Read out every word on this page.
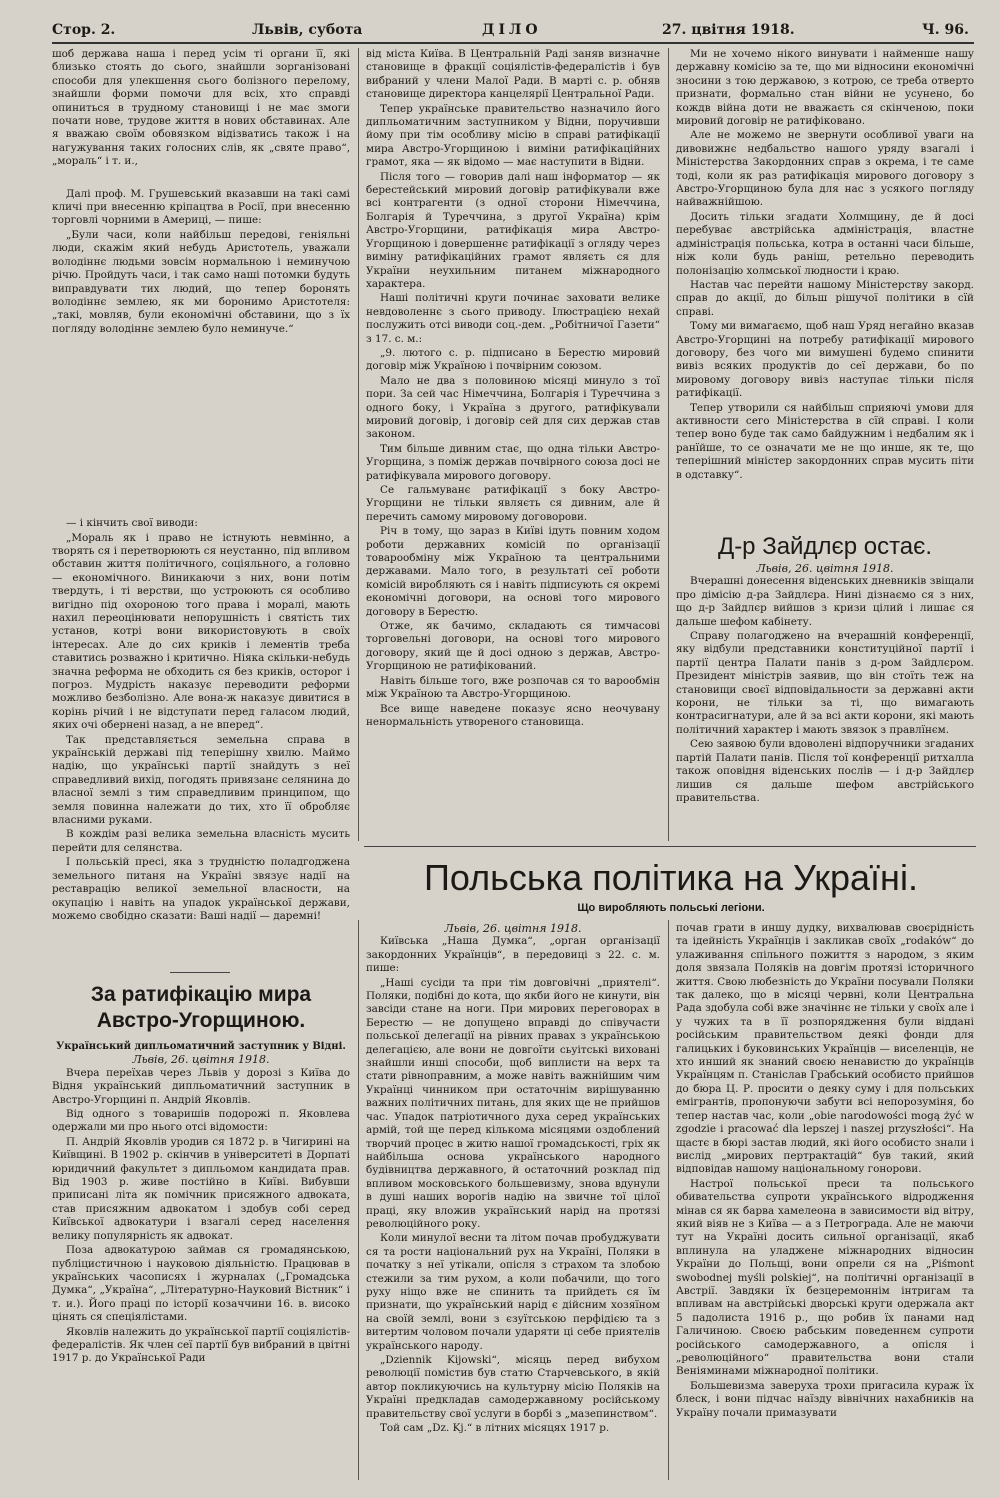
Стор. 2.	Львів, субота	ДІЛО	27. цвітня 1918.	Ч. 96.

шоб держава наша і перед усім ті органи її, які близько стоять до сього, знайшли зорганізовані способи для улекшення сього болізного перелому, знайшли форми помочи для всіх, хто справді опиниться в трудному становищі і не має змоги почати нове, трудове життя в нових обставинах. Але я вважаю своїм обовязком відізватись також і на нагужування таких голосних слів, як „святе право“, „мораль“ і т. и.,

Далі проф. М. Грушевський вказавши на такі самі кличі при внесенню кріпацтва в Росії, при внесенню торговлі чорними в Америці, — пише:

„Були часи, коли найбільш передові, геніяльні люди, скажім який небудь Аристотель, уважали володіннє людьми зовсім нормальною і неминучою річю. Пройдуть часи, і так само наші потомки будуть виправдувати тих людий, що тепер боронять володіннє землею, як ми боронимо Аристотеля: „такі, мовляв, були економічні обставини, що з їх погляду володіннє землею було неминуче.“

— і кінчить свої виводи:

„Мораль як і право не істнують невмінно, а творять ся і перетворюють ся неустанно, під впливом обставин життя політичного, соціяльного, а головно — економічного. Виникаючи з них, вони потім твердуть, і ті верстви, що устроюють ся особливо вигідно під охороною того права і моралі, мають нахил переоцінювати непорушність і святість тих установ, котрі вони використовують в своїх інтересах. Але до сих криків і лементів треба ставитись розважно і критично. Ніяка скільки-небудь значна реформа не обходить ся без криків, осторог і погроз. Мудрість наказує переводити реформи можливо безболізно. Але вона-ж наказує дивитися в корінь річий і не відступати перед галасом людий, яких очі обернені назад, а не вперед“.

Так представляється земельна справа в українській державі під теперішну хвилю. Маймо надію, що українські партії знайдуть з неї справедливий вихід, погодять привязанє селянина до власної землі з тим справедливим принципом, що земля повинна належати до тих, хто її обробляє власними руками.

В кождім разі велика земельна власність мусить перейти для селянства.

І польській пресі, яка з трудністю поладгоджена земельного питаня на Україні звязує надії на реставрацію великої земельної власности, на окупацію і навіть на упадок української держави, можемо свобідно сказати: Ваші надії — даремні!

За ратифікацію мира Австро-Угорщиною.
Український дипльоматичний заступник у Відні.
Львів, 26. цвітня 1918.

Вчера переїхав через Львів у дорозі з Київа до Відня український дипльоматичний заступник в Австро-Угорщині п. Андрій Яковлів.

Від одного з товаришів подорожі п. Яковлева одержали ми про нього отсі відомости:

П. Андрій Яковлів уродив ся 1872 р. в Чигирині на Київщині. В 1902 р. скінчив в університеті в Дорпаті юридичний факультет з дипльомом кандидата прав. Від 1903 р. живе постійно в Київі. Вибувши приписані літа як помічник присяжного адвоката, став присяжним адвокатом і здобув собі серед Київської адвокатури і взагалі серед населення велику популярність як адвокат.

Поза адвокатурою займав ся громадянською, публіцистичною і науковою діяльністю. Працював в українських часописях і журналах („Громадська Думка“, „Україна“, „Літературно-Науковий Вістник“ і т. и.). Його праці по історії козаччини 16. в. високо цінять ся спеціялістами.

Яковлів належить до української партії соціялістів-федералістів. Як член сеї партії був вибраний в цвітні 1917 р. до Української Ради

від міста Київа. В Центральній Раді заняв визначне становище в фракції соціялістів-федералістів і був вибраний у члени Малої Ради. В марті с. р. обняв становище директора канцелярії Центральної Ради.

Тепер українське правительство назначило його дипльоматичним заступником у Відни, поручивши йому при тім особливу місію в справі ратифікації мира Австро-Угорщиною і виміни ратифікаційних грамот, яка — як відомо — має наступити в Відни.

Після того — говорив далі наш інформатор — як берестейський мировий договір ратифікували вже всі контрагенти (з одної сторони Німеччина, Болгарія й Туреччина, з другої Україна) крім Австро-Угорщини, ратифікація мира Австро-Угорщиною і довершеннє ратифікації з огляду через виміну ратифікаційних грамот являєть ся для України неухильним питанем міжнародного характера.

Наші політичні круги починає заховати велике невдоволеннє з сього приводу. Ілюстрацією нехай послужить отсі виводи соц.-дем. „Робітничої Газети“ з 17. с. м.:

„9. лютого с. р. підписано в Берестю мировий договір між Україною і почвірним союзом.

Мало не два з половиною місяці минуло з тої пори. За сей час Німеччина, Болгарія і Туреччина з одного боку, і Україна з другого, ратифікували мировий договір, і договір сей для сих держав став законом.

Тим більше дивним стає, що одна тільки Австро-Угорщина, з поміж держав почвірного союза досі не ратифікувала мирового договору.

Се гальмуванє ратифікації з боку Австро-Угорщини не тільки являєть ся дивним, але й перечить самому мировому договорови.

Річ в тому, що зараз в Київі ідуть повним ходом роботи державних комісій по організації товарообміну між Україною та центральними державами. Мало того, в результаті сеї роботи комісій виробляють ся і навіть підписують ся окремі економічні договори, на основі того мирового договору в Берестю.

Отже, як бачимо, складають ся тимчасові торговельні договори, на основі того мирового договору, який ще й досі одною з держав, Австро-Угорщиною не ратифікований.

Навіть більше того, вже розпочав ся то варообмін між Україною та Австро-Угорщиною.

Все вище наведене показує ясно неочувану ненормальність утвореного становища.

Ми не хочемо нікого винувати і найменше нашу державну комісію за те, що ми відносини економічні зносини з тою державою, з котрою, се треба отверто признати, формально стан війни не усунено, бо кождв війна доти не вважаєть ся скінченою, поки мировий договір не ратифіковано.

Але не можемо не звернути особливої уваги на дивовижнє недбальство нашого уряду взагалі і Міністерства Закордонних справ з окрема, і те саме тоді, коли як раз ратифікація мирового договору з Австро-Угорщиною була для нас з усякого погляду найважнійшою.

Досить тільки згадати Холмщину, де й досі перебуває австрійська адміністрація, властне адміністрація польська, котра в останні часи більше, ніж коли будь раніш, ретельно переводить полонізацію холмської людности і краю.

Настав час перейти нашому Міністерству закорд. справ до акції, до більш рішучої політики в сїй справі.

Тому ми вимагаємо, щоб наш Уряд негайно вказав Австро-Угорщині на потребу ратифікації мирового договору, без чого ми вимушені будемо спинити вивіз всяких продуктів до сеї держави, бо по мировому договору вивіз наступає тільки після ратифікації.

Тепер утворили ся найбільш сприяючі умови для активности сего Міністерства в сїй справі. І коли тепер воно буде так само байдужним і недбалим як і ранїйше, то се означати ме не що инше, як те, що теперішний міністер закордонних справ мусить піти в одставку“.

Д-р Зайдлєр остає.
Львів, 26. цвітня 1918.

Вчерашні донесення віденських дневників звіщали про дімісію д-ра Зайдлєра. Нині дізнаємо ся з них, що д-р Зайдлєр вийшов з кризи цілий і лишає ся дальше шефом кабінету.

Справу полагоджено на вчерашній конференції, яку відбули представники конституційної партії і партії центра Палати панів з д-ром Зайдлєром. Президент міністрів заявив, що він стоїть теж на становищи своєї відповідальности за державні акти корони, не тільки за ті, що вимагають контрасигнатури, але й за всі акти корони, які мають політичний характер і мають звязок з правлїнєм.

Сею заявою були вдоволені відпоручники згаданих партій Палати панів. Після тої конференції ритхалла також оповідня віденських послів — і д-р Зайдлєр лишив ся дальше шефом австрійського правительства.

Польська політика на Україні.
Що виробляють польські легіони.
Львів, 26. цвітня 1918.

Київська „Наша Думка“, „орган організації закордонних Українців“, в передовиці з 22. с. м. пише:

„Наші сусіди та при тім довговічні „приятелі“. Поляки, подібні до кота, що якби його не кинути, він завсіди стане на ноги. При мирових переговорах в Берестю — не допущено вправді до співучасти польської делегації на рівних правах з українською делегацією, але вони не довгоїти сьуітські виховані знайшли инші способи, щоб виплисти на верх та стати рівноправним, а може навіть важнійшим чим Українці чинником при остаточнім вирішуванню важних політичних питань, для яких ще не прийшов час. Упадок патріотичного духа серед українських армій, той ще перед кількома місяцями оздоблений творчий процес в житю нашої громадськості, гріх як найбільша основа українського народного будівництва державного, й остаточний розклад під впливом московського большевизму, знова вдунули в душі наших ворогів надію на звичне тої цілої праці, яку вложив український нарід на протязі революційного року.

Коли минулої весни та літом почав пробуджувати ся та рости національний рух на Україні, Поляки в початку з неї утікали, опісля з страхом та злобою стежили за тим рухом, а коли побачили, що того руху ніщо вже не спинить та прийдеть ся їм признати, що український нарід є дійсним хозяїном на своїй землі, вони з єзуїтською перфідією та з витертим чоловом почали ударяти ці себе приятелів українського народу.

„Dziennik Kijowski“, місяць перед вибухом революції помістив був статю Старчевського, в якій автор покликуючись на культурну місію Поляків на Україні предкладав самодержавному російському правительству свої услуги в борбі з „мазепинством“.

Той сам „Dz. Kj.“ в літних місяцях 1917 р.

почав грати в иншу дудку, вихвалював своєрідність та ідейність Українців і закликав своїх „rodaków“ до улаживання спільного пожиття з народом, з яким доля звязала Поляків на довгім протязі історичного життя. Свою любезність до України посували Поляки так далеко, що в місяці червні, коли Центральна Рада здобула собі вже значіннє не тільки у своїх але і у чужих та в її розпорядження були віддані російським правительством деякі фонди для галицьких і буковинських Українців — виселенців, не хто инший як знаний своєю ненавистю до українців Українцям п. Станіслав Грабський особисто прийшов до бюра Ц. Р. просити о деяку суму і для польських емігрантів, пропонуючи забути всі непорозуміня, бо тепер настав час, коли „obie narodowości mogą żyć w zgodzie i pracować dla lepszej i naszej przyszłości“. На щастє в бюрі застав людий, які його особисто знали і вислід „мирових пертрактацій“ був такий, який відповідав нашому національному гонорови.

Настрої польської преси та польського обивательства супроти українського відродження мінав ся як барва хамелеона в зависимости від вітру, який віяв не з Київа — а з Петрограда. Але не маючи тут на Україні досить сильної організації, якаб вплинула на уладжене міжнародних відносин України до Польщі, вони опрели ся на „Piśmont swobodnej myśli polskiej“, на політичні організації в Австрії. Завдяки їх безцеремоннім інтригам та впливам на австрійські дворські круги одержала акт 5 падолиста 1916 р., що робив їх панами над Галичиною. Своєю рабським поведеннєм супроти російського самодержавного, а опісля і „революційного“ правительства вони стали Веніяминами міжнародної політики.

Большевизма заверуха трохи пригасила кураж їх блеск, і вони підчас наїзду вівнічних нахабників на Україну почали примазувати
